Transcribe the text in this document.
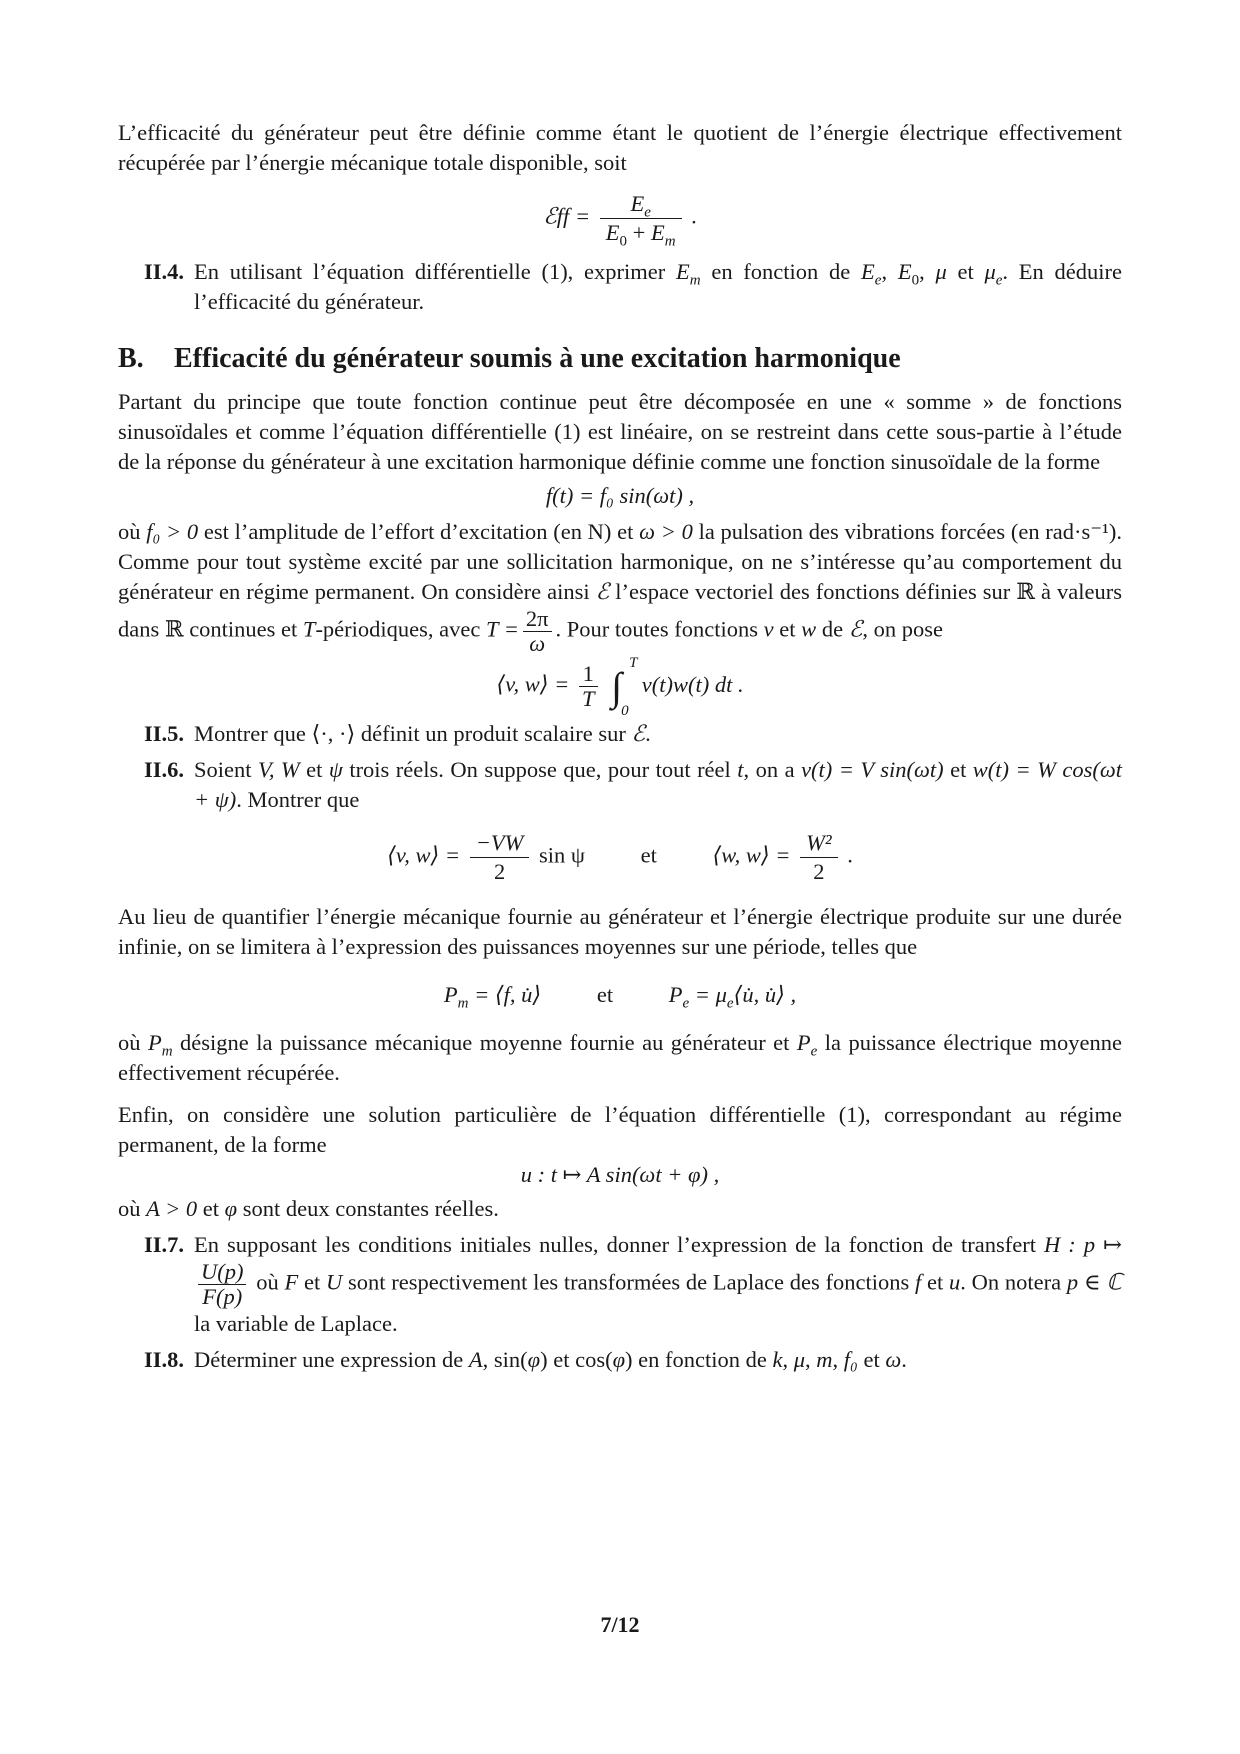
L’efficacité du générateur peut être définie comme étant le quotient de l’énergie électrique effectivement récupérée par l’énergie mécanique totale disponible, soit

ℰff = $\frac{E_e}{E_0 + E_m}$ .

II.4. En utilisant l’équation différentielle (1), exprimer $E_m$ en fonction de $E_e$, $E_0$, μ et $\mu_e$. En déduire l’efficacité du générateur.
B. Efficacité du générateur soumis à une excitation harmonique

Partant du principe que toute fonction continue peut être décomposée en une « somme » de fonctions sinusoïdales et comme l’équation différentielle (1) est linéaire, on se restreint dans cette sous-partie à l’étude de la réponse du générateur à une excitation harmonique définie comme une fonction sinusoïdale de la forme

f(t) = f₀ sin(ωt) ,

où f₀ > 0 est l’amplitude de l’effort d’excitation (en N) et ω > 0 la pulsation des vibrations forcées (en rad·s⁻¹). Comme pour tout système excité par une sollicitation harmonique, on ne s’intéresse qu’au comportement du générateur en régime permanent. On considère ainsi ℰ l’espace vectoriel des fonctions définies sur ℝ à valeurs dans ℝ continues et T-périodiques, avec $T = \frac{2\pi}{\omega}$ . Pour toutes fonctions v et w de ℰ, on pose

⟨v, w⟩ = $\frac{1}{T}$ ∫
T
0
v(t)w(t) dt .

II.5. Montrer que ⟨·, ·⟩ définit un produit scalaire sur ℰ.
II.6. Soient V, W et ψ trois réels. On suppose que, pour tout réel t, on a v(t) = V sin(ωt) et w(t) = W cos(ωt + ψ). Montrer que

⟨v, w⟩ = $\frac{-VW}{2}$ sin ψ et ⟨w, w⟩ = $\frac{\text{W²}}{2}$ .

Au lieu de quantifier l’énergie mécanique fournie au générateur et l’énergie électrique produite sur une durée infinie, on se limitera à l’expression des puissances moyennes sur une période, telles que

$P_m$ = ⟨f, u̇⟩ et $P_e$ = $\mu_e⟨u̇$, u̇⟩ ,

où $P_m$ désigne la puissance mécanique moyenne fournie au générateur et $P_e$ la puissance électrique moyenne effectivement récupérée.

Enfin, on considère une solution particulière de l’équation différentielle (1), correspondant au régime permanent, de la forme

u : t ↦ A sin(ωt + φ) ,

où A > 0 et φ sont deux constantes réelles.

II.7. En supposant les conditions initiales nulles, donner l’expression de la fonction de transfert H : p ↦
$\frac{U(p)}{F(p)}$ où F et U sont respectivement les transformées de Laplace des fonctions f et u. On notera p ∈ ℂ la variable de Laplace.
II.8. Déterminer une expression de A, sin(φ) et cos(φ) en fonction de k, μ, m, f₀ et ω.
7/12
